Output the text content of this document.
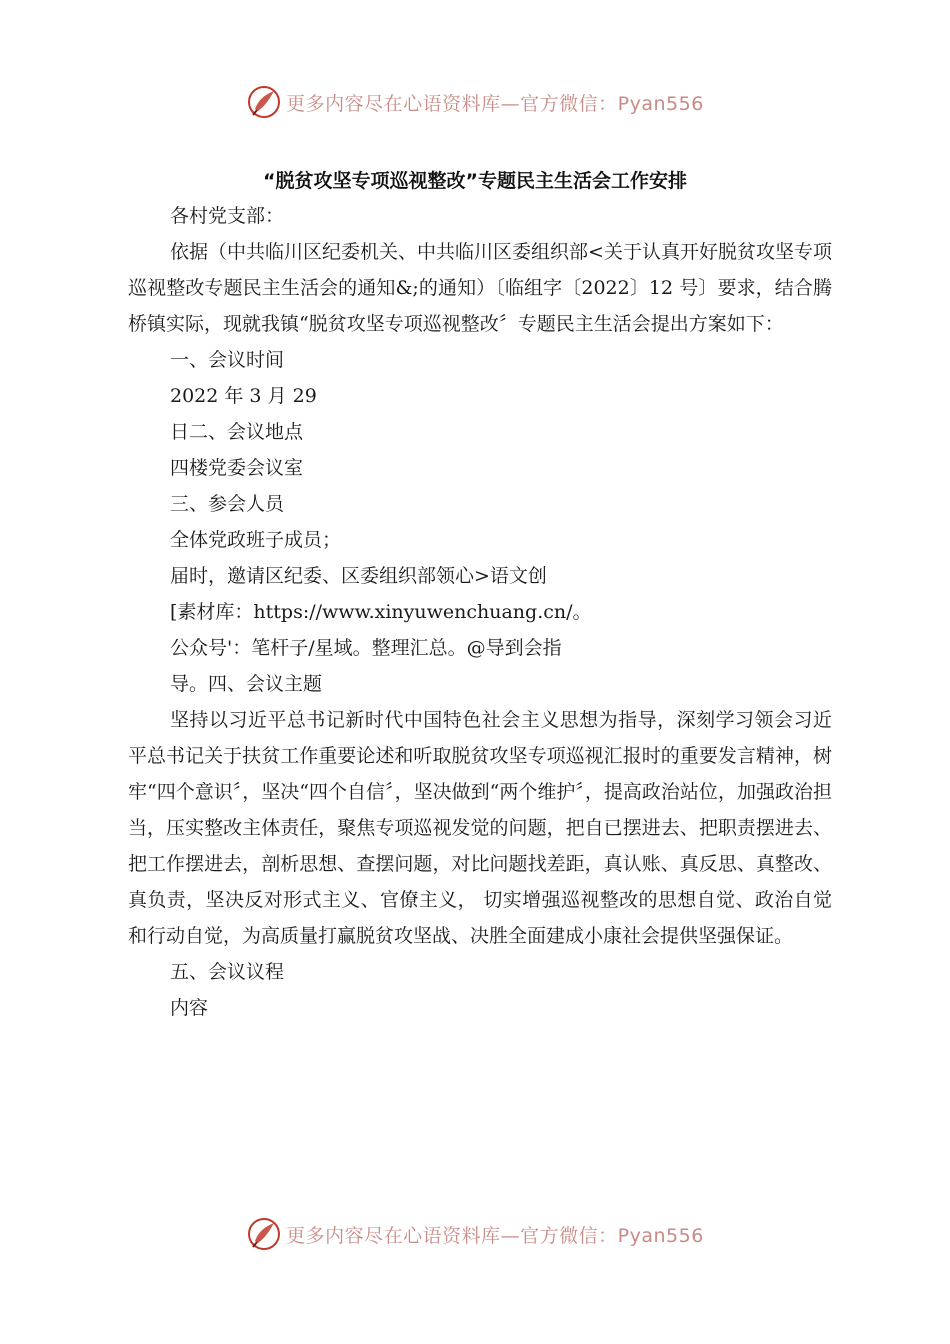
更多内容尽在心语资料库—官方微信：Pyan556
“脱贫攻坚专项巡视整改”专题民主生活会工作安排

各村党支部：

依据（中共临川区纪委机关、中共临川区委组织部<关于认真开好脱贫攻坚专项巡视整改专题民主生活会的通知&;的通知）〔临组字〔2022〕12 号〕要求，结合腾桥镇实际，现就我镇“脱贫攻坚专项巡视整改〞专题民主生活会提出方案如下：

一、会议时间

2022 年 3 月 29

日二、会议地点

四楼党委会议室

三、参会人员

全体党政班子成员；

届时，邀请区纪委、区委组织部领心>语文创

[素材库：https://www.xinyuwenchuang.cn/。

公众号'：笔杆子/星域。整理汇总。@导到会指

导。四、会议主题

坚持以习近平总书记新时代中国特色社会主义思想为指导，深刻学习领会习近平总书记关于扶贫工作重要论述和听取脱贫攻坚专项巡视汇报时的重要发言精神，树牢“四个意识〞，坚决“四个自信〞，坚决做到“两个维护〞，提高政治站位，加强政治担当，压实整改主体责任，聚焦专项巡视发觉的问题，把自已摆进去、把职责摆进去、把工作摆进去，剖析思想、查摆问题，对比问题找差距，真认账、真反思、真整改、真负责，坚决反对形式主义、官僚主义， 切实增强巡视整改的思想自觉、政治自觉和行动自觉，为高质量打赢脱贫攻坚战、决胜全面建成小康社会提供坚强保证。

五、会议议程

内容

更多内容尽在心语资料库—官方微信：Pyan556
